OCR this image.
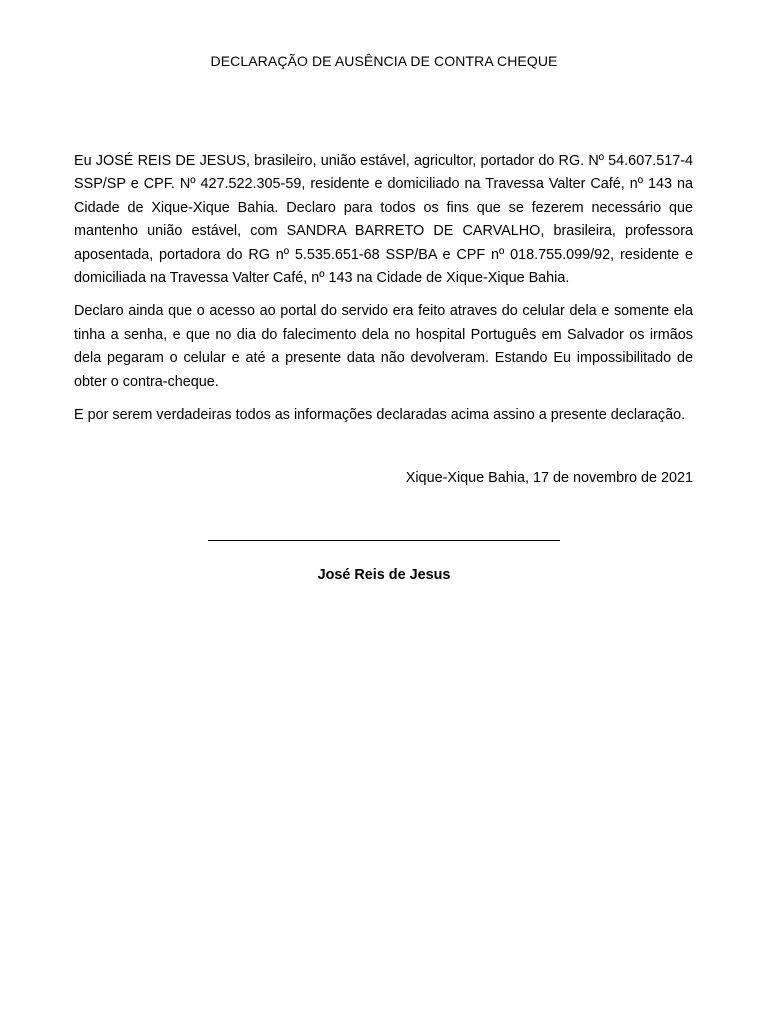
DECLARAÇÃO DE AUSÊNCIA DE CONTRA CHEQUE

Eu JOSÉ REIS DE JESUS, brasileiro, união estável, agricultor, portador do RG. Nº 54.607.517-4 SSP/SP e CPF. Nº 427.522.305-59, residente e domiciliado na Travessa Valter Café, nº 143 na Cidade de Xique-Xique Bahia. Declaro para todos os fins que se fezerem necessário que mantenho união estável, com SANDRA BARRETO DE CARVALHO, brasileira, professora aposentada, portadora do RG nº 5.535.651-68 SSP/BA e CPF nº 018.755.099/92, residente e domiciliada na Travessa Valter Café, nº 143 na Cidade de Xique-Xique Bahia.

Declaro ainda que o acesso ao portal do servido era feito atraves do celular dela e somente ela tinha a senha, e que no dia do falecimento dela no hospital Português em Salvador os irmãos dela pegaram o celular e até a presente data não devolveram. Estando Eu impossibilitado de obter o contra-cheque.

E por serem verdadeiras todos as informações declaradas acima assino a presente declaração.

Xique-Xique Bahia, 17 de novembro de 2021
José Reis de Jesus
